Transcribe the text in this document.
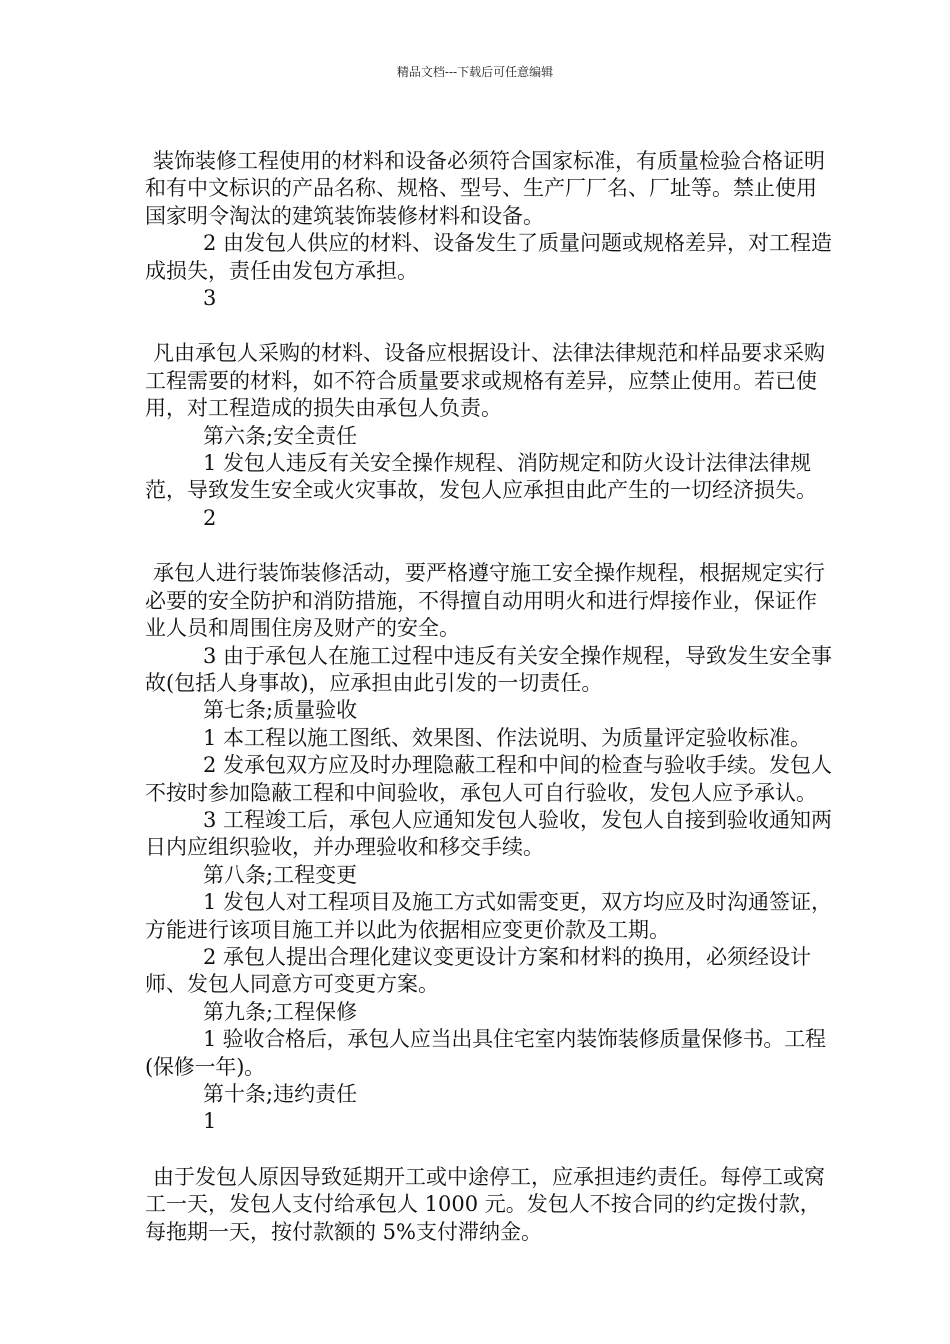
精品文档---下载后可任意编辑

装饰装修工程使用的材料和设备必须符合国家标准，有质量检验合格证明和有中文标识的产品名称、规格、型号、生产厂厂名、厂址等。禁止使用国家明令淘汰的建筑装饰装修材料和设备。

2 由发包人供应的材料、设备发生了质量问题或规格差异，对工程造成损失，责任由发包方承担。

3

凡由承包人采购的材料、设备应根据设计、法律法律规范和样品要求采购工程需要的材料，如不符合质量要求或规格有差异，应禁止使用。若已使用，对工程造成的损失由承包人负责。

第六条;安全责任

1 发包人违反有关安全操作规程、消防规定和防火设计法律法律规范，导致发生安全或火灾事故，发包人应承担由此产生的一切经济损失。

2

承包人进行装饰装修活动，要严格遵守施工安全操作规程，根据规定实行必要的安全防护和消防措施，不得擅自动用明火和进行焊接作业，保证作业人员和周围住房及财产的安全。

3 由于承包人在施工过程中违反有关安全操作规程，导致发生安全事故(包括人身事故)，应承担由此引发的一切责任。

第七条;质量验收

1 本工程以施工图纸、效果图、作法说明、为质量评定验收标准。

2 发承包双方应及时办理隐蔽工程和中间的检查与验收手续。发包人不按时参加隐蔽工程和中间验收，承包人可自行验收，发包人应予承认。

3 工程竣工后，承包人应通知发包人验收，发包人自接到验收通知两日内应组织验收，并办理验收和移交手续。

第八条;工程变更

1 发包人对工程项目及施工方式如需变更，双方均应及时沟通签证，方能进行该项目施工并以此为依据相应变更价款及工期。

2 承包人提出合理化建议变更设计方案和材料的换用，必须经设计师、发包人同意方可变更方案。

第九条;工程保修

1 验收合格后，承包人应当出具住宅室内装饰装修质量保修书。工程(保修一年)。

第十条;违约责任

1

由于发包人原因导致延期开工或中途停工，应承担违约责任。每停工或窝工一天，发包人支付给承包人 1000 元。发包人不按合同的约定拨付款，每拖期一天，按付款额的 5%支付滞纳金。
